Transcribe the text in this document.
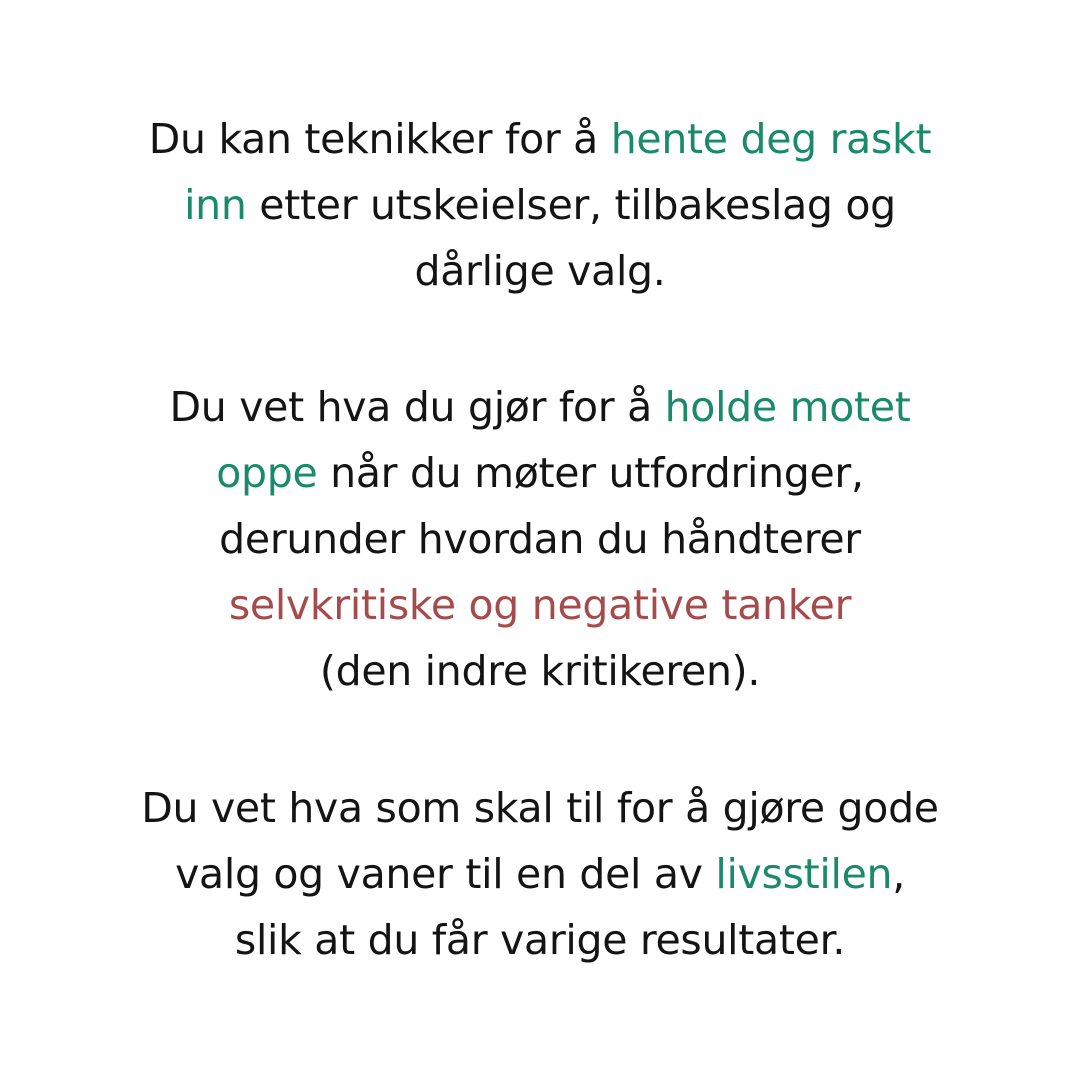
Du kan teknikker for å hente deg raskt
inn etter utskeielser, tilbakeslag og
dårlige valg.

Du vet hva du gjør for å holde motet
oppe når du møter utfordringer,
derunder hvordan du håndterer
selvkritiske og negative tanker
(den indre kritikeren).

Du vet hva som skal til for å gjøre gode
valg og vaner til en del av livsstilen,
slik at du får varige resultater.
